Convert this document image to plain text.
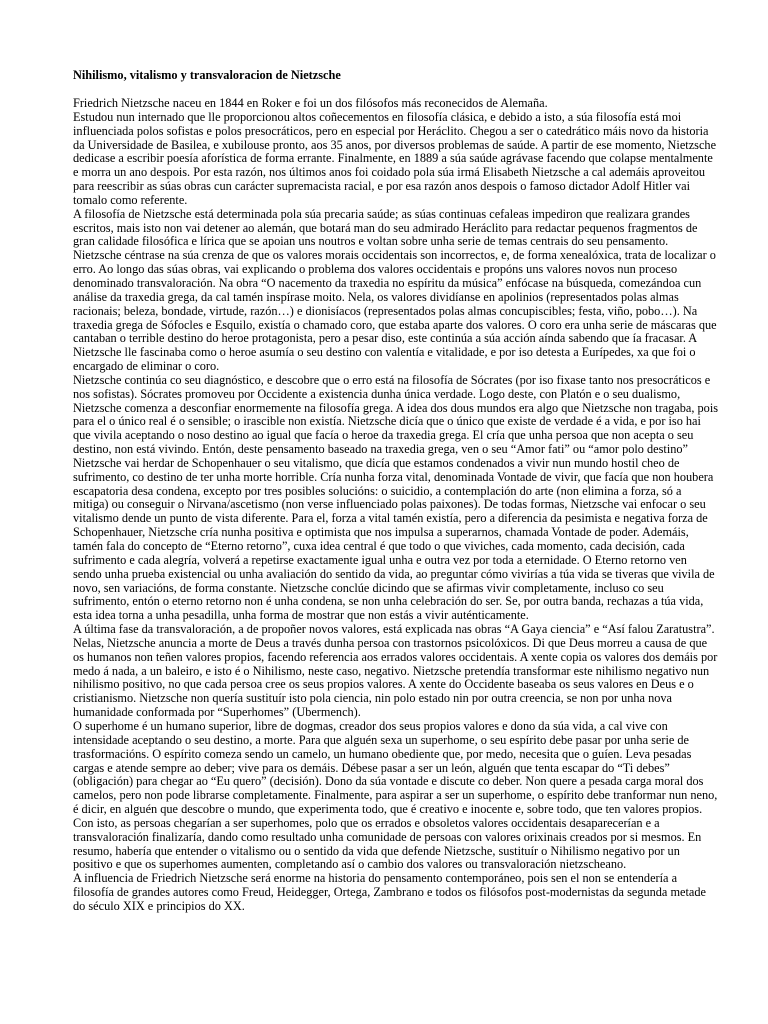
Nihilismo, vitalismo y transvaloracion de Nietzsche

Friedrich Nietzsche naceu en 1844 en Roker e foi un dos filósofos más reconecidos de Alemaña.

Estudou nun internado que lle proporcionou altos coñecementos en filosofía clásica, e debido a isto, a súa filosofía está moi influenciada polos sofistas e polos presocráticos, pero en especial por Heráclito. Chegou a ser o catedrático máis novo da historia da Universidade de Basilea, e xubilouse pronto, aos 35 anos, por diversos problemas de saúde. A partir de ese momento, Nietzsche dedicase a escribir poesía aforística de forma errante. Finalmente, en 1889 a súa saúde agrávase facendo que colapse mentalmente e morra un ano despois. Por esta razón, nos últimos anos foi coidado pola súa irmá Elisabeth Nietzsche a cal ademáis aproveitou para reescribir as súas obras cun carácter supremacista racial, e por esa razón anos despois o famoso dictador Adolf Hitler vai tomalo como referente.

A filosofía de Nietzsche está determinada pola súa precaria saúde; as súas continuas cefaleas impediron que realizara grandes escritos, mais isto non vai detener ao alemán, que botará man do seu admirado Heráclito para redactar pequenos fragmentos de gran calidade filosófica e lírica que se apoian uns noutros e voltan sobre unha serie de temas centrais do seu pensamento.

Nietzsche céntrase na súa crenza de que os valores morais occidentais son incorrectos, e, de forma xenealóxica, trata de localizar o erro. Ao longo das súas obras, vai explicando o problema dos valores occidentais e propóns uns valores novos nun proceso denominado transvaloración. Na obra “O nacemento da traxedia no espíritu da música” enfócase na búsqueda, comezándoa cun análise da traxedia grega, da cal tamén inspírase moito. Nela, os valores dividíanse en apolinios (representados polas almas racionais; beleza, bondade, virtude, razón…) e dionisíacos (representados polas almas concupiscibles; festa, viño, pobo…). Na traxedia grega de Sófocles e Esquilo, existía o chamado coro, que estaba aparte dos valores. O coro era unha serie de máscaras que cantaban o terrible destino do heroe protagonista, pero a pesar diso, este continúa a súa acción aínda sabendo que ía fracasar. A Nietzsche lle fascinaba como o heroe asumía o seu destino con valentía e vitalidade, e por iso detesta a Eurípedes, xa que foi o encargado de eliminar o coro.

Nietzsche continúa co seu diagnóstico, e descobre que o erro está na filosofía de Sócrates (por iso fixase tanto nos presocráticos e nos sofistas). Sócrates promoveu por Occidente a existencia dunha única verdade. Logo deste, con Platón e o seu dualismo, Nietzsche comenza a desconfiar enormemente na filosofía grega. A idea dos dous mundos era algo que Nietzsche non tragaba, pois para el o único real é o sensible; o irascible non existía. Nietzsche dicía que o único que existe de verdade é a vida, e por iso hai que vivila aceptando o noso destino ao igual que facía o heroe da traxedia grega. El cría que unha persoa que non acepta o seu destino, non está vivindo. Entón, deste pensamento baseado na traxedia grega, ven o seu “Amor fati” ou “amor polo destino”

Nietzsche vai herdar de Schopenhauer o seu vitalismo, que dicía que estamos condenados a vivir nun mundo hostil cheo de sufrimento, co destino de ter unha morte horrible. Cría nunha forza vital, denominada Vontade de vivir, que facía que non houbera escapatoria desa condena, excepto por tres posibles solucións: o suicidio, a contemplación do arte (non elimina a forza, só a mitiga) ou conseguir o Nirvana/ascetismo (non verse influenciado polas paixones). De todas formas, Nietzsche vai enfocar o seu vitalismo dende un punto de vista diferente. Para el, forza a vital tamén existía, pero a diferencia da pesimista e negativa forza de Schopenhauer, Nietzsche cría nunha positiva e optimista que nos impulsa a superarnos, chamada Vontade de poder. Ademáis, tamén fala do concepto de “Eterno retorno”, cuxa idea central é que todo o que viviches, cada momento, cada decisión, cada sufrimento e cada alegría, volverá a repetirse exactamente igual unha e outra vez por toda a eternidade. O Eterno retorno ven sendo unha prueba existencial ou unha avaliación do sentido da vida, ao preguntar cómo vivirías a túa vida se tiveras que vivila de novo, sen variacións, de forma constante. Nietzsche conclúe dicindo que se afirmas vivir completamente, incluso co seu sufrimento, entón o eterno retorno non é unha condena, se non unha celebración do ser. Se, por outra banda, rechazas a túa vida, esta idea torna a unha pesadilla, unha forma de mostrar que non estás a vivir auténticamente.

A última fase da transvaloración, a de propoñer novos valores, está explicada nas obras “A Gaya ciencia” e “Así falou Zaratustra”. Nelas, Nietzsche anuncia a morte de Deus a través dunha persoa con trastornos psicolóxicos. Di que Deus morreu a causa de que os humanos non teñen valores propios, facendo referencia aos errados valores occidentais. A xente copia os valores dos demáis por medo á nada, a un baleiro, e isto é o Nihilismo, neste caso, negativo. Nietzsche pretendía transformar este nihilismo negativo nun nihilismo positivo, no que cada persoa cree os seus propios valores. A xente do Occidente baseaba os seus valores en Deus e o cristianismo. Nietzsche non quería sustituír isto pola ciencia, nin polo estado nin por outra creencia, se non por unha nova humanidade conformada por “Superhomes” (Ubermench).

O superhome é un humano superior, libre de dogmas, creador dos seus propios valores e dono da súa vida, a cal vive con intensidade aceptando o seu destino, a morte. Para que alguén sexa un superhome, o seu espírito debe pasar por unha serie de trasformacións. O espírito comeza sendo un camelo, un humano obediente que, por medo, necesita que o guíen. Leva pesadas cargas e atende sempre ao deber; vive para os demáis. Débese pasar a ser un león, alguén que tenta escapar do “Ti debes” (obligación) para chegar ao “Eu quero” (decisión). Dono da súa vontade e discute co deber. Non quere a pesada carga moral dos camelos, pero non pode librarse completamente. Finalmente, para aspirar a ser un superhome, o espírito debe tranformar nun neno, é dicir, en alguén que descobre o mundo, que experimenta todo, que é creativo e inocente e, sobre todo, que ten valores propios.

Con isto, as persoas chegarían a ser superhomes, polo que os errados e obsoletos valores occidentais desaparecerían e a transvaloración finalizaría, dando como resultado unha comunidade de persoas con valores orixinais creados por si mesmos. En resumo, habería que entender o vitalismo ou o sentido da vida que defende Nietzsche, sustituír o Nihilismo negativo por un positivo e que os superhomes aumenten, completando así o cambio dos valores ou transvaloración nietzscheano.

A influencia de Friedrich Nietzsche será enorme na historia do pensamento contemporáneo, pois sen el non se entendería a filosofía de grandes autores como Freud, Heidegger, Ortega, Zambrano e todos os filósofos post-modernistas da segunda metade do século XIX e principios do XX.
